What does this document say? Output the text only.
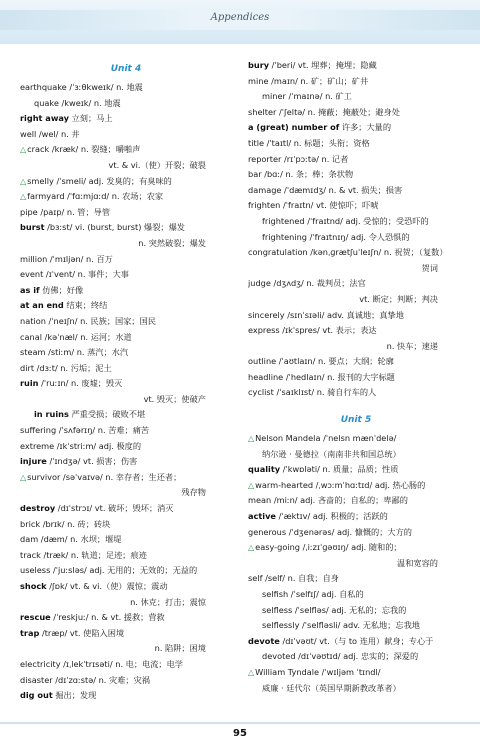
Appendices
Unit 4
earthquake /ˈɜːθkweɪk/ n. 地震
quake /kweɪk/ n. 地震
right away 立刻；马上
well /wel/ n. 井
△crack /kræk/ n. 裂缝；嚼啪声
vt. & vi.（使）开裂；破裂
△smelly /ˈsmeli/ adj. 发臭的；有臭味的
△farmyard /ˈfɑːmjɑːd/ n. 农场；农家
pipe /paɪp/ n. 管；导管
burst /bɜːst/ vi. (burst, burst) 爆裂；爆发
n. 突然破裂；爆发
million /ˈmɪljən/ n. 百万
event /ɪˈvent/ n. 事件；大事
as if 仿佛；好像
at an end 结束；终结
nation /ˈneɪʃn/ n. 民族；国家；国民
canal /kəˈnæl/ n. 运河；水道
steam /stiːm/ n. 蒸汽；水汽
dirt /dɜːt/ n. 污垢；泥土
ruin /ˈruːɪn/ n. 废墟；毁灭
vt. 毁灭；使破产
in ruins 严重受损；破败不堪
suffering /ˈsʌfərɪŋ/ n. 苦难；痛苦
extreme /ɪkˈstriːm/ adj. 极度的
injure /ˈɪndʒə/ vt. 损害；伤害
△survivor /səˈvaɪvə/ n. 幸存者；生还者；
残存物
destroy /dɪˈstrɔɪ/ vt. 破坏；毁坏；消灭
brick /brɪk/ n. 砖；砖块
dam /dæm/ n. 水坝；堰堤
track /træk/ n. 轨道；足迹；痕迹
useless /ˈjuːsləs/ adj. 无用的；无效的；无益的
shock /ʃɒk/ vt. & vi.（使）震惊；震动
n. 休克；打击；震惊
rescue /ˈreskjuː/ n. & vt. 援救；营救
trap /træp/ vt. 使陷入困境
n. 陷阱；困境
electricity /ɪˌlekˈtrɪsəti/ n. 电；电流；电学
disaster /dɪˈzɑːstə/ n. 灾难；灾祸
dig out 掘出；发现
bury /ˈberi/ vt. 埋葬；掩埋；隐藏
mine /maɪn/ n. 矿；矿山；矿井
miner /ˈmaɪnə/ n. 矿工
shelter /ˈʃeltə/ n. 掩蔽；掩蔽处；避身处
a (great) number of 许多；大量的
title /ˈtaɪtl/ n. 标题；头衔；资格
reporter /rɪˈpɔːtə/ n. 记者
bar /bɑː/ n. 条；棒；条状物
damage /ˈdæmɪdʒ/ n. & vt. 损失；损害
frighten /ˈfraɪtn/ vt. 使惊吓；吓唬
frightened /ˈfraɪtnd/ adj. 受惊的；受恐吓的
frightening /ˈfraɪtnɪŋ/ adj. 令人恐惧的
congratulation /kənˌɡrætʃuˈleɪʃn/ n. 祝贺；（复数）
贺词
judge /dʒʌdʒ/ n. 裁判员；法官
vt. 断定；判断；判决
sincerely /sɪnˈsɪəli/ adv. 真诚地；真挚地
express /ɪkˈspres/ vt. 表示；表达
n. 快车；速递
outline /ˈaʊtlaɪn/ n. 要点；大纲；轮廓
headline /ˈhedlaɪn/ n. 报刊的大字标题
cyclist /ˈsaɪklɪst/ n. 骑自行车的人
Unit 5
△Nelson Mandela /ˈnelsn mænˈdelə/
纳尔逊 · 曼德拉（南南非共和国总统）
quality /ˈkwɒləti/ n. 质量；品质；性质
△warm-hearted /ˌwɔːmˈhɑːtɪd/ adj. 热心肠的
mean /miːn/ adj. 吝啬的；自私的；卑鄙的
active /ˈæktɪv/ adj. 积极的；活跃的
generous /ˈdʒenərəs/ adj. 慷慨的；大方的
△easy-going /ˌiːzɪˈɡəʊɪŋ/ adj. 随和的；
温和宽容的
self /self/ n. 自我；自身
selfish /ˈselfɪʃ/ adj. 自私的
selfless /ˈselfləs/ adj. 无私的；忘我的
selflessly /ˈselfləsli/ adv. 无私地；忘我地
devote /dɪˈvəʊt/ vt.（与 to 连用）献身；专心于
devoted /dɪˈvəʊtɪd/ adj. 忠实的；深爱的
△William Tyndale /ˈwɪljəm ˈtɪndl/
威廉 · 廷代尔（英国早期新教改革者）
95
